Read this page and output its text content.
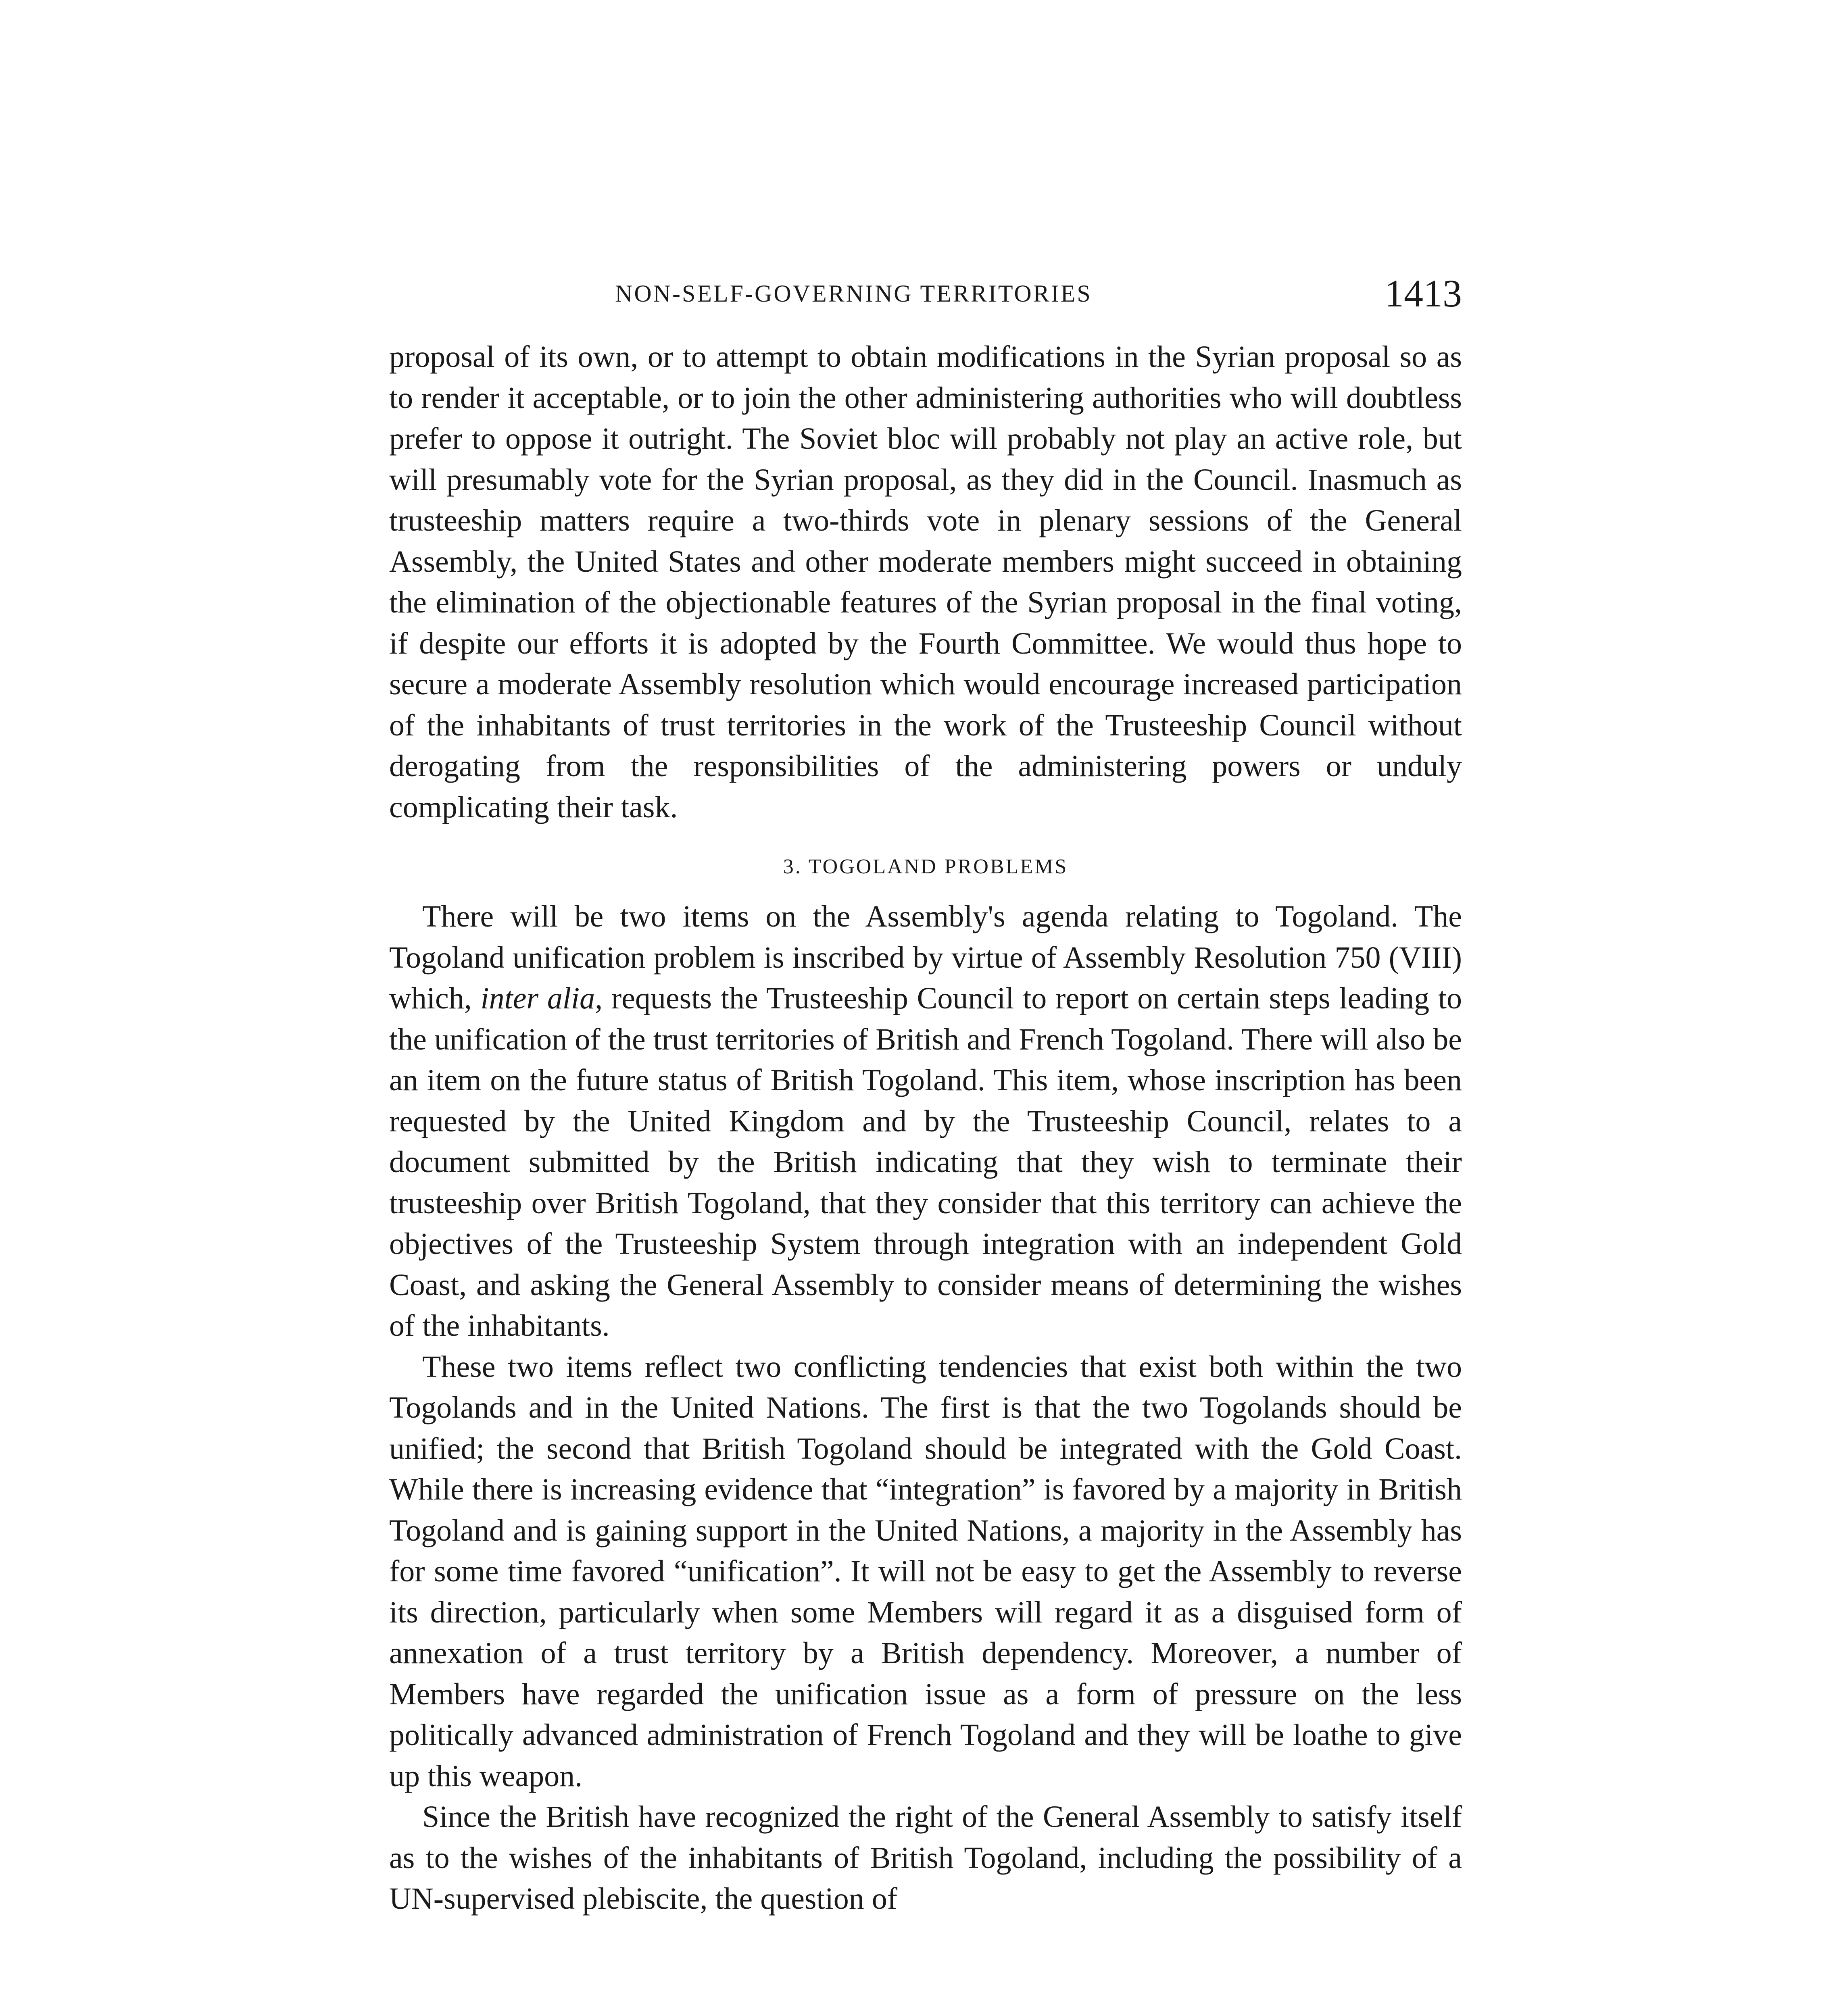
NON-SELF-GOVERNING TERRITORIES	1413

proposal of its own, or to attempt to obtain modifications in the Syrian proposal so as to render it acceptable, or to join the other administering authorities who will doubtless prefer to oppose it outright. The Soviet bloc will probably not play an active role, but will presumably vote for the Syrian proposal, as they did in the Council. Inasmuch as trusteeship matters require a two-thirds vote in plenary sessions of the General Assembly, the United States and other moderate members might succeed in obtaining the elimination of the objectionable features of the Syrian proposal in the final voting, if despite our efforts it is adopted by the Fourth Committee. We would thus hope to secure a moderate Assembly resolution which would encourage increased participation of the inhabitants of trust territories in the work of the Trusteeship Council without derogating from the responsibilities of the administering powers or unduly complicating their task.

3. TOGOLAND PROBLEMS

There will be two items on the Assembly's agenda relating to Togoland. The Togoland unification problem is inscribed by virtue of Assembly Resolution 750 (VIII) which, inter alia, requests the Trusteeship Council to report on certain steps leading to the unification of the trust territories of British and French Togoland. There will also be an item on the future status of British Togoland. This item, whose inscription has been requested by the United Kingdom and by the Trusteeship Council, relates to a document submitted by the British indicating that they wish to terminate their trusteeship over British Togoland, that they consider that this territory can achieve the objectives of the Trusteeship System through integration with an independent Gold Coast, and asking the General Assembly to consider means of determining the wishes of the inhabitants.

These two items reflect two conflicting tendencies that exist both within the two Togolands and in the United Nations. The first is that the two Togolands should be unified; the second that British Togoland should be integrated with the Gold Coast. While there is increasing evidence that “integration” is favored by a majority in British Togoland and is gaining support in the United Nations, a majority in the Assembly has for some time favored “unification”. It will not be easy to get the Assembly to reverse its direction, particularly when some Members will regard it as a disguised form of annexation of a trust territory by a British dependency. Moreover, a number of Members have regarded the unification issue as a form of pressure on the less politically advanced administration of French Togoland and they will be loathe to give up this weapon.

Since the British have recognized the right of the General Assembly to satisfy itself as to the wishes of the inhabitants of British Togoland, including the possibility of a UN-supervised plebiscite, the question of
